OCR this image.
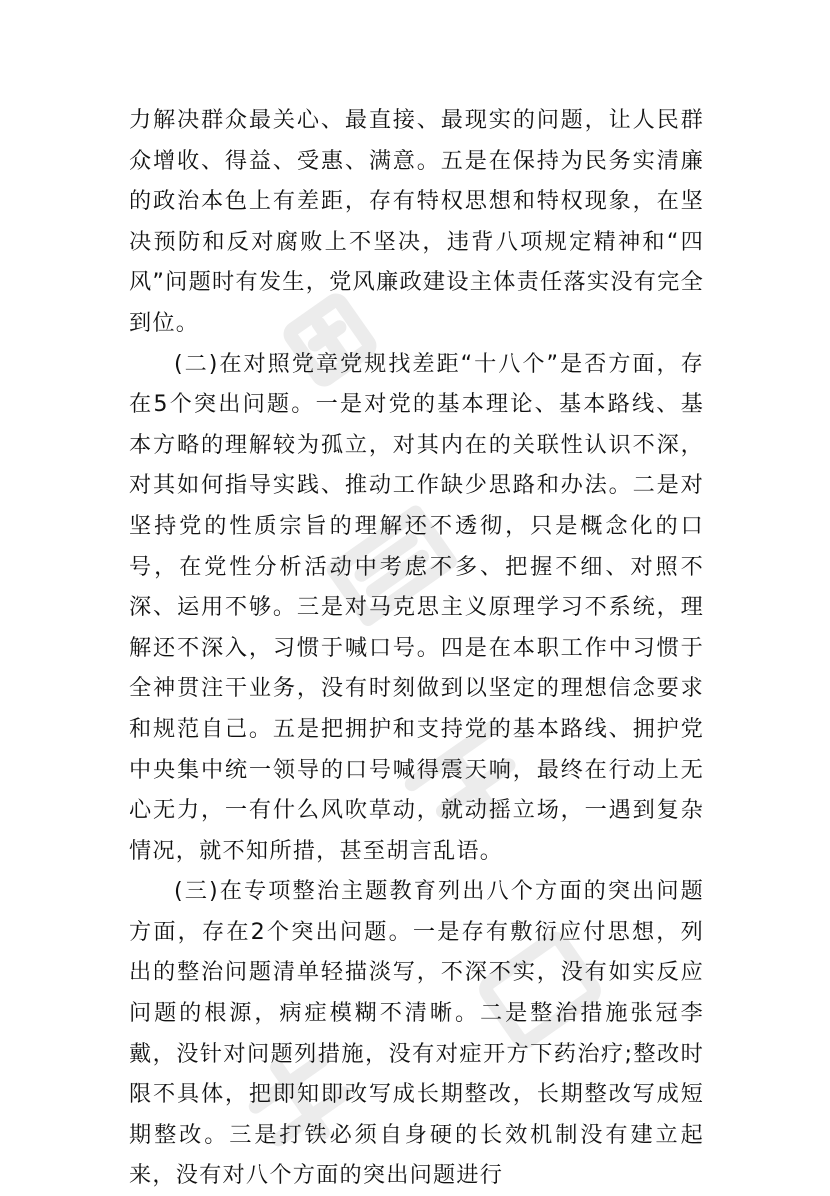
力解决群众最关心、最直接、最现实的问题，让人民群众增收、得益、受惠、满意。五是在保持为民务实清廉的政治本色上有差距，存有特权思想和特权现象，在坚决预防和反对腐败上不坚决，违背八项规定精神和“四风”问题时有发生，党风廉政建设主体责任落实没有完全到位。

(二)在对照党章党规找差距“十八个”是否方面，存在5个突出问题。一是对党的基本理论、基本路线、基本方略的理解较为孤立，对其内在的关联性认识不深，对其如何指导实践、推动工作缺少思路和办法。二是对坚持党的性质宗旨的理解还不透彻，只是概念化的口号，在党性分析活动中考虑不多、把握不细、对照不深、运用不够。三是对马克思主义原理学习不系统，理解还不深入，习惯于喊口号。四是在本职工作中习惯于全神贯注干业务，没有时刻做到以坚定的理想信念要求和规范自己。五是把拥护和支持党的基本路线、拥护党中央集中统一领导的口号喊得震天响，最终在行动上无心无力，一有什么风吹草动，就动摇立场，一遇到复杂情况，就不知所措，甚至胡言乱语。

(三)在专项整治主题教育列出八个方面的突出问题方面，存在2个突出问题。一是存有敷衍应付思想，列出的整治问题清单轻描淡写，不深不实，没有如实反应问题的根源，病症模糊不清晰。二是整治措施张冠李戴，没针对问题列措施，没有对症开方下药治疗;整改时限不具体，把即知即改写成长期整改，长期整改写成短期整改。三是打铁必须自身硬的长效机制没有建立起来，没有对八个方面的突出问题进行
